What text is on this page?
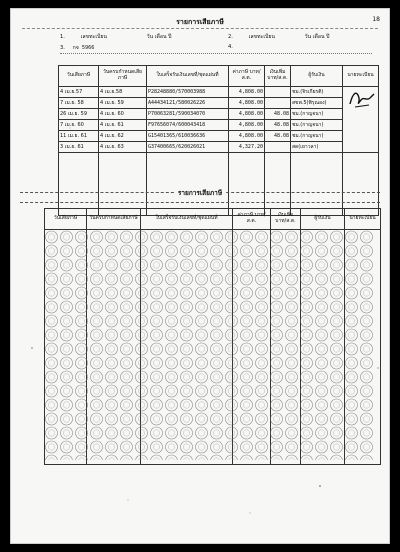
18
รายการเสียภาษี
1.	เลขทะเบียน	วัน เดือน ปี	2.	เลขทะเบียน	วัน เดือน ปี
3. กจ 5966	4.
วันเสียภาษี	วันครบกำหนดเสียภาษี	ใบเสร็จรับเงินเลขที่/ชุดแผ่นที่	ค่าภาษี บาท/ส.ต.	เงินเพิ่ม บาท/ส.ต.	ผู้รับเงิน	นายทะเบียน
4 เม.ย.57	4 เม.ย.58	P28248880/570003988	4,808.00		ชม.(จิรเกียรติ)	

7 เม.ย. 58	4 เม.ย. 59	A44434121/580026226	4,808.00		สขพ.5(พิรุณอง)	
26 เม.ย. 59	4 เม.ย. 60	P70063281/590034070	4,808.00	48.08	ชม.(กาญจนา)	
7 เม.ย. 60	4 เม.ย. 61	F97656074/600043418	4,808.00	48.08	ชม.(กาญจนา)	
11 เม.ย. 61	4 เม.ย. 62	G15401365/610036636	4,808.00	48.08	ชม.(กาญจนา)	
3 เม.ย. 61	4 เม.ย. 63	G37400665/620026021	4,327.20		สด(เยาวลา)	

รายการเสียภาษี
วันเสียภาษี	วันครบกำหนดเสียภาษี	ใบเสร็จรับเงินเลขที่/ชุดแผ่นที่	ค่าภาษี บาท/ส.ต.	เงินเพิ่ม บาท/ส.ต.	ผู้รับเงิน	นายทะเบียน
